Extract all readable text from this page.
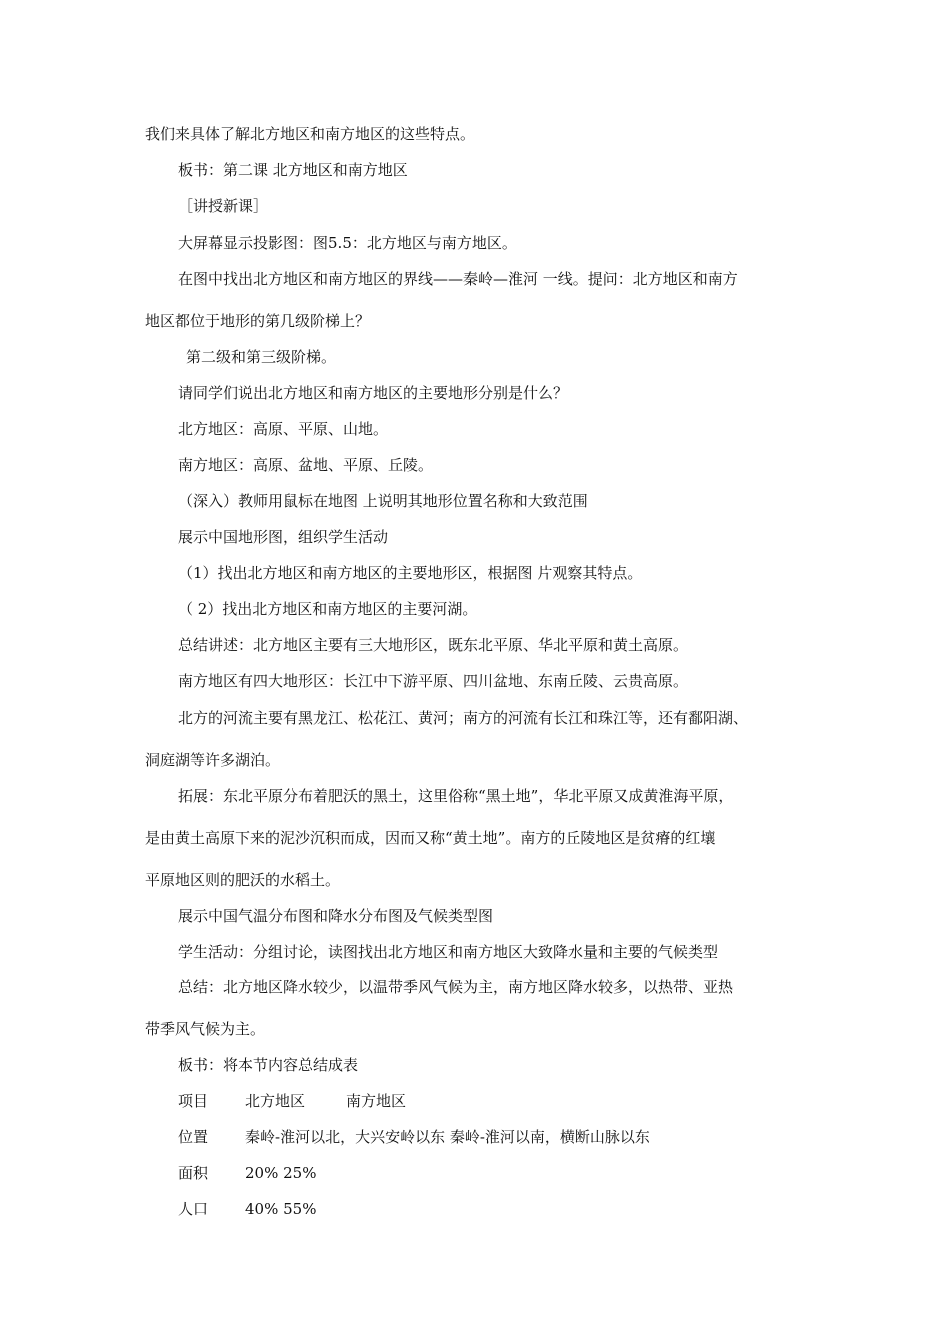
我们来具体了解北方地区和南方地区的这些特点。
板书：第二课 北方地区和南方地区
［讲授新课］
大屏幕显示投影图：图5.5：北方地区与南方地区。
在图中找出北方地区和南方地区的界线——秦岭—淮河 一线。提问：北方地区和南方
地区都位于地形的第几级阶梯上？
第二级和第三级阶梯。
请同学们说出北方地区和南方地区的主要地形分别是什么？
北方地区：高原、平原、山地。
南方地区：高原、盆地、平原、丘陵。
（深入）教师用鼠标在地图 上说明其地形位置名称和大致范围
展示中国地形图，组织学生活动
（1）找出北方地区和南方地区的主要地形区，根据图 片观察其特点。
（ 2）找出北方地区和南方地区的主要河湖。
总结讲述：北方地区主要有三大地形区，既东北平原、华北平原和黄土高原。
南方地区有四大地形区：长江中下游平原、四川盆地、东南丘陵、云贵高原。
北方的河流主要有黑龙江、松花江、黄河；南方的河流有长江和珠江等，还有鄱阳湖、
洞庭湖等许多湖泊。
拓展：东北平原分布着肥沃的黑土，这里俗称“黑土地”，华北平原又成黄淮海平原，
是由黄土高原下来的泥沙沉积而成，因而又称“黄土地”。南方的丘陵地区是贫瘠的红壤
平原地区则的肥沃的水稻土。
展示中国气温分布图和降水分布图及气候类型图
学生活动：分组讨论，读图找出北方地区和南方地区大致降水量和主要的气候类型
总结：北方地区降水较少，以温带季风气候为主，南方地区降水较多，以热带、亚热
带季风气候为主。
板书：将本节内容总结成表
项目 北方地区	南方地区
位置 秦岭-淮河以北，大兴安岭以东 秦岭-淮河以南，横断山脉以东
面积 20% 25%
人口 40% 55%
